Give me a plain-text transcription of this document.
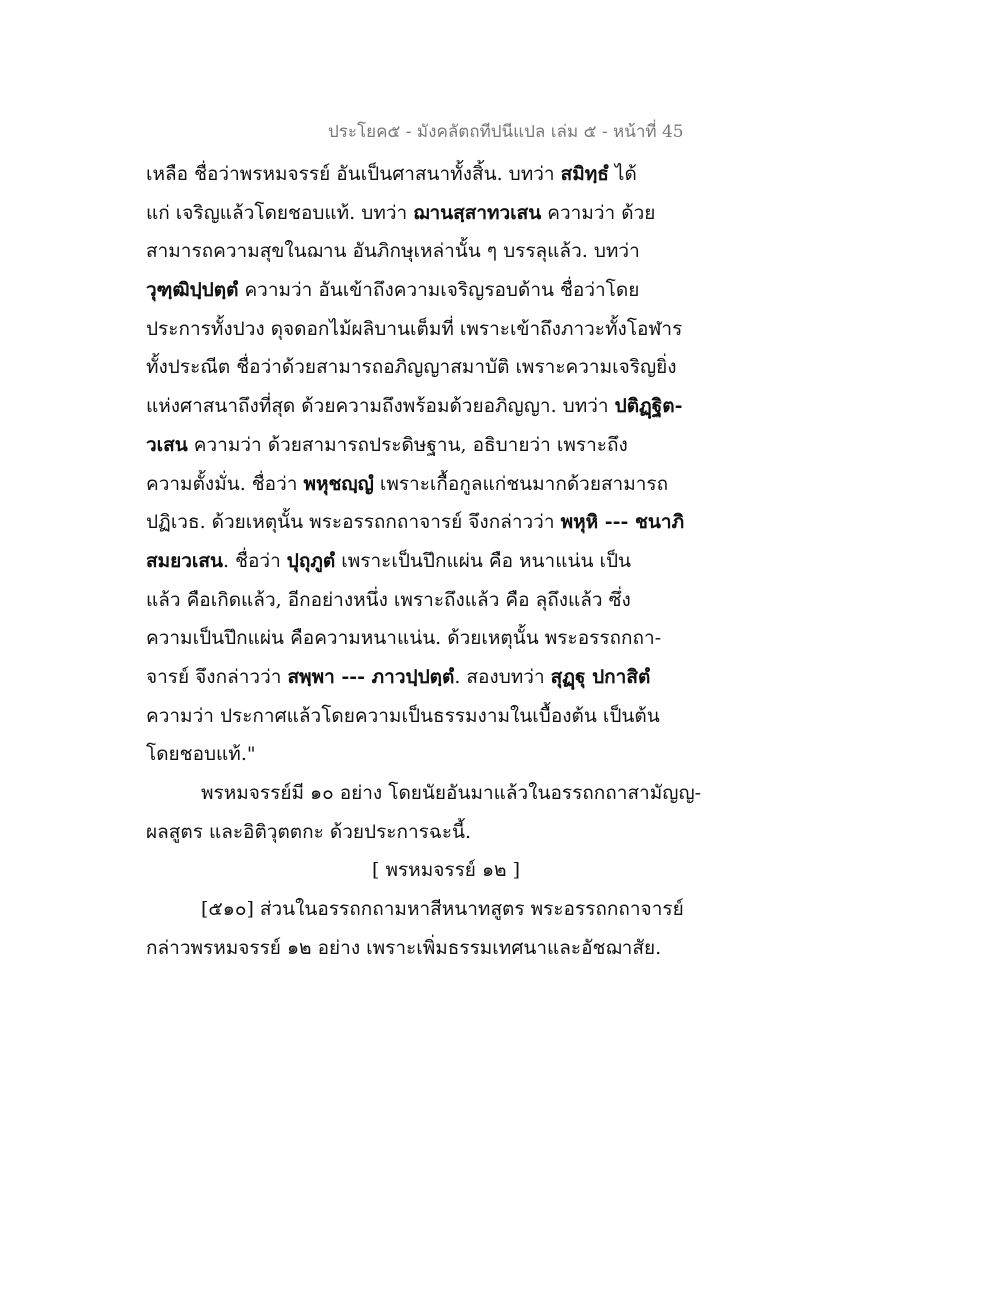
ประโยค๕ - มังคลัตถทีปนีแปล เล่ม ๕ - หน้าที่ 45
เหลือ ชื่อว่าพรหมจรรย์ อันเป็นศาสนาทั้งสิ้น. บทว่า สมิทฺธํ ได้
แก่ เจริญแล้วโดยชอบแท้. บทว่า ฌานสฺสาทวเสน ความว่า ด้วย
สามารถความสุขในฌาน อันภิกษุเหล่านั้น ๆ บรรลุแล้ว. บทว่า
วุฑฺฒิปฺปตฺตํ ความว่า อันเข้าถึงความเจริญรอบด้าน ชื่อว่าโดย
ประการทั้งปวง ดุจดอกไม้ผลิบานเต็มที่ เพราะเข้าถึงภาวะทั้งโอฬาร
ทั้งประณีต ชื่อว่าด้วยสามารถอภิญญาสมาบัติ เพราะความเจริญยิ่ง
แห่งศาสนาถึงที่สุด ด้วยความถึงพร้อมด้วยอภิญญา. บทว่า ปติฏฺฐิต-
วเสน ความว่า ด้วยสามารถประดิษฐาน, อธิบายว่า เพราะถึง
ความตั้งมั่น. ชื่อว่า พหุชญฺญํ เพราะเกื้อกูลแก่ชนมากด้วยสามารถ
ปฏิเวธ. ด้วยเหตุนั้น พระอรรถกถาจารย์ จึงกล่าวว่า พหุหิ --- ชนาภิ
สมยวเสน. ชื่อว่า ปุถุภูตํ เพราะเป็นปึกแผ่น คือ หนาแน่น เป็น
แล้ว คือเกิดแล้ว, อีกอย่างหนึ่ง เพราะถึงแล้ว คือ ลุถึงแล้ว ซึ่ง
ความเป็นปึกแผ่น คือความหนาแน่น. ด้วยเหตุนั้น พระอรรถกถา-
จารย์ จึงกล่าวว่า สพฺพา --- ภาวปฺปตฺตํ. สองบทว่า สุฏฺฐุ ปกาสิตํ
ความว่า ประกาศแล้วโดยความเป็นธรรมงามในเบื้องต้น เป็นต้น
โดยชอบแท้."
พรหมจรรย์มี ๑๐ อย่าง โดยนัยอันมาแล้วในอรรถกถาสามัญญ-
ผลสูตร และอิติวุตตกะ ด้วยประการฉะนี้.
[ พรหมจรรย์ ๑๒ ]
[๕๑๐] ส่วนในอรรถกถามหาสีหนาทสูตร พระอรรถกถาจารย์
กล่าวพรหมจรรย์ ๑๒ อย่าง เพราะเพิ่มธรรมเทศนาและอัชฌาสัย.
